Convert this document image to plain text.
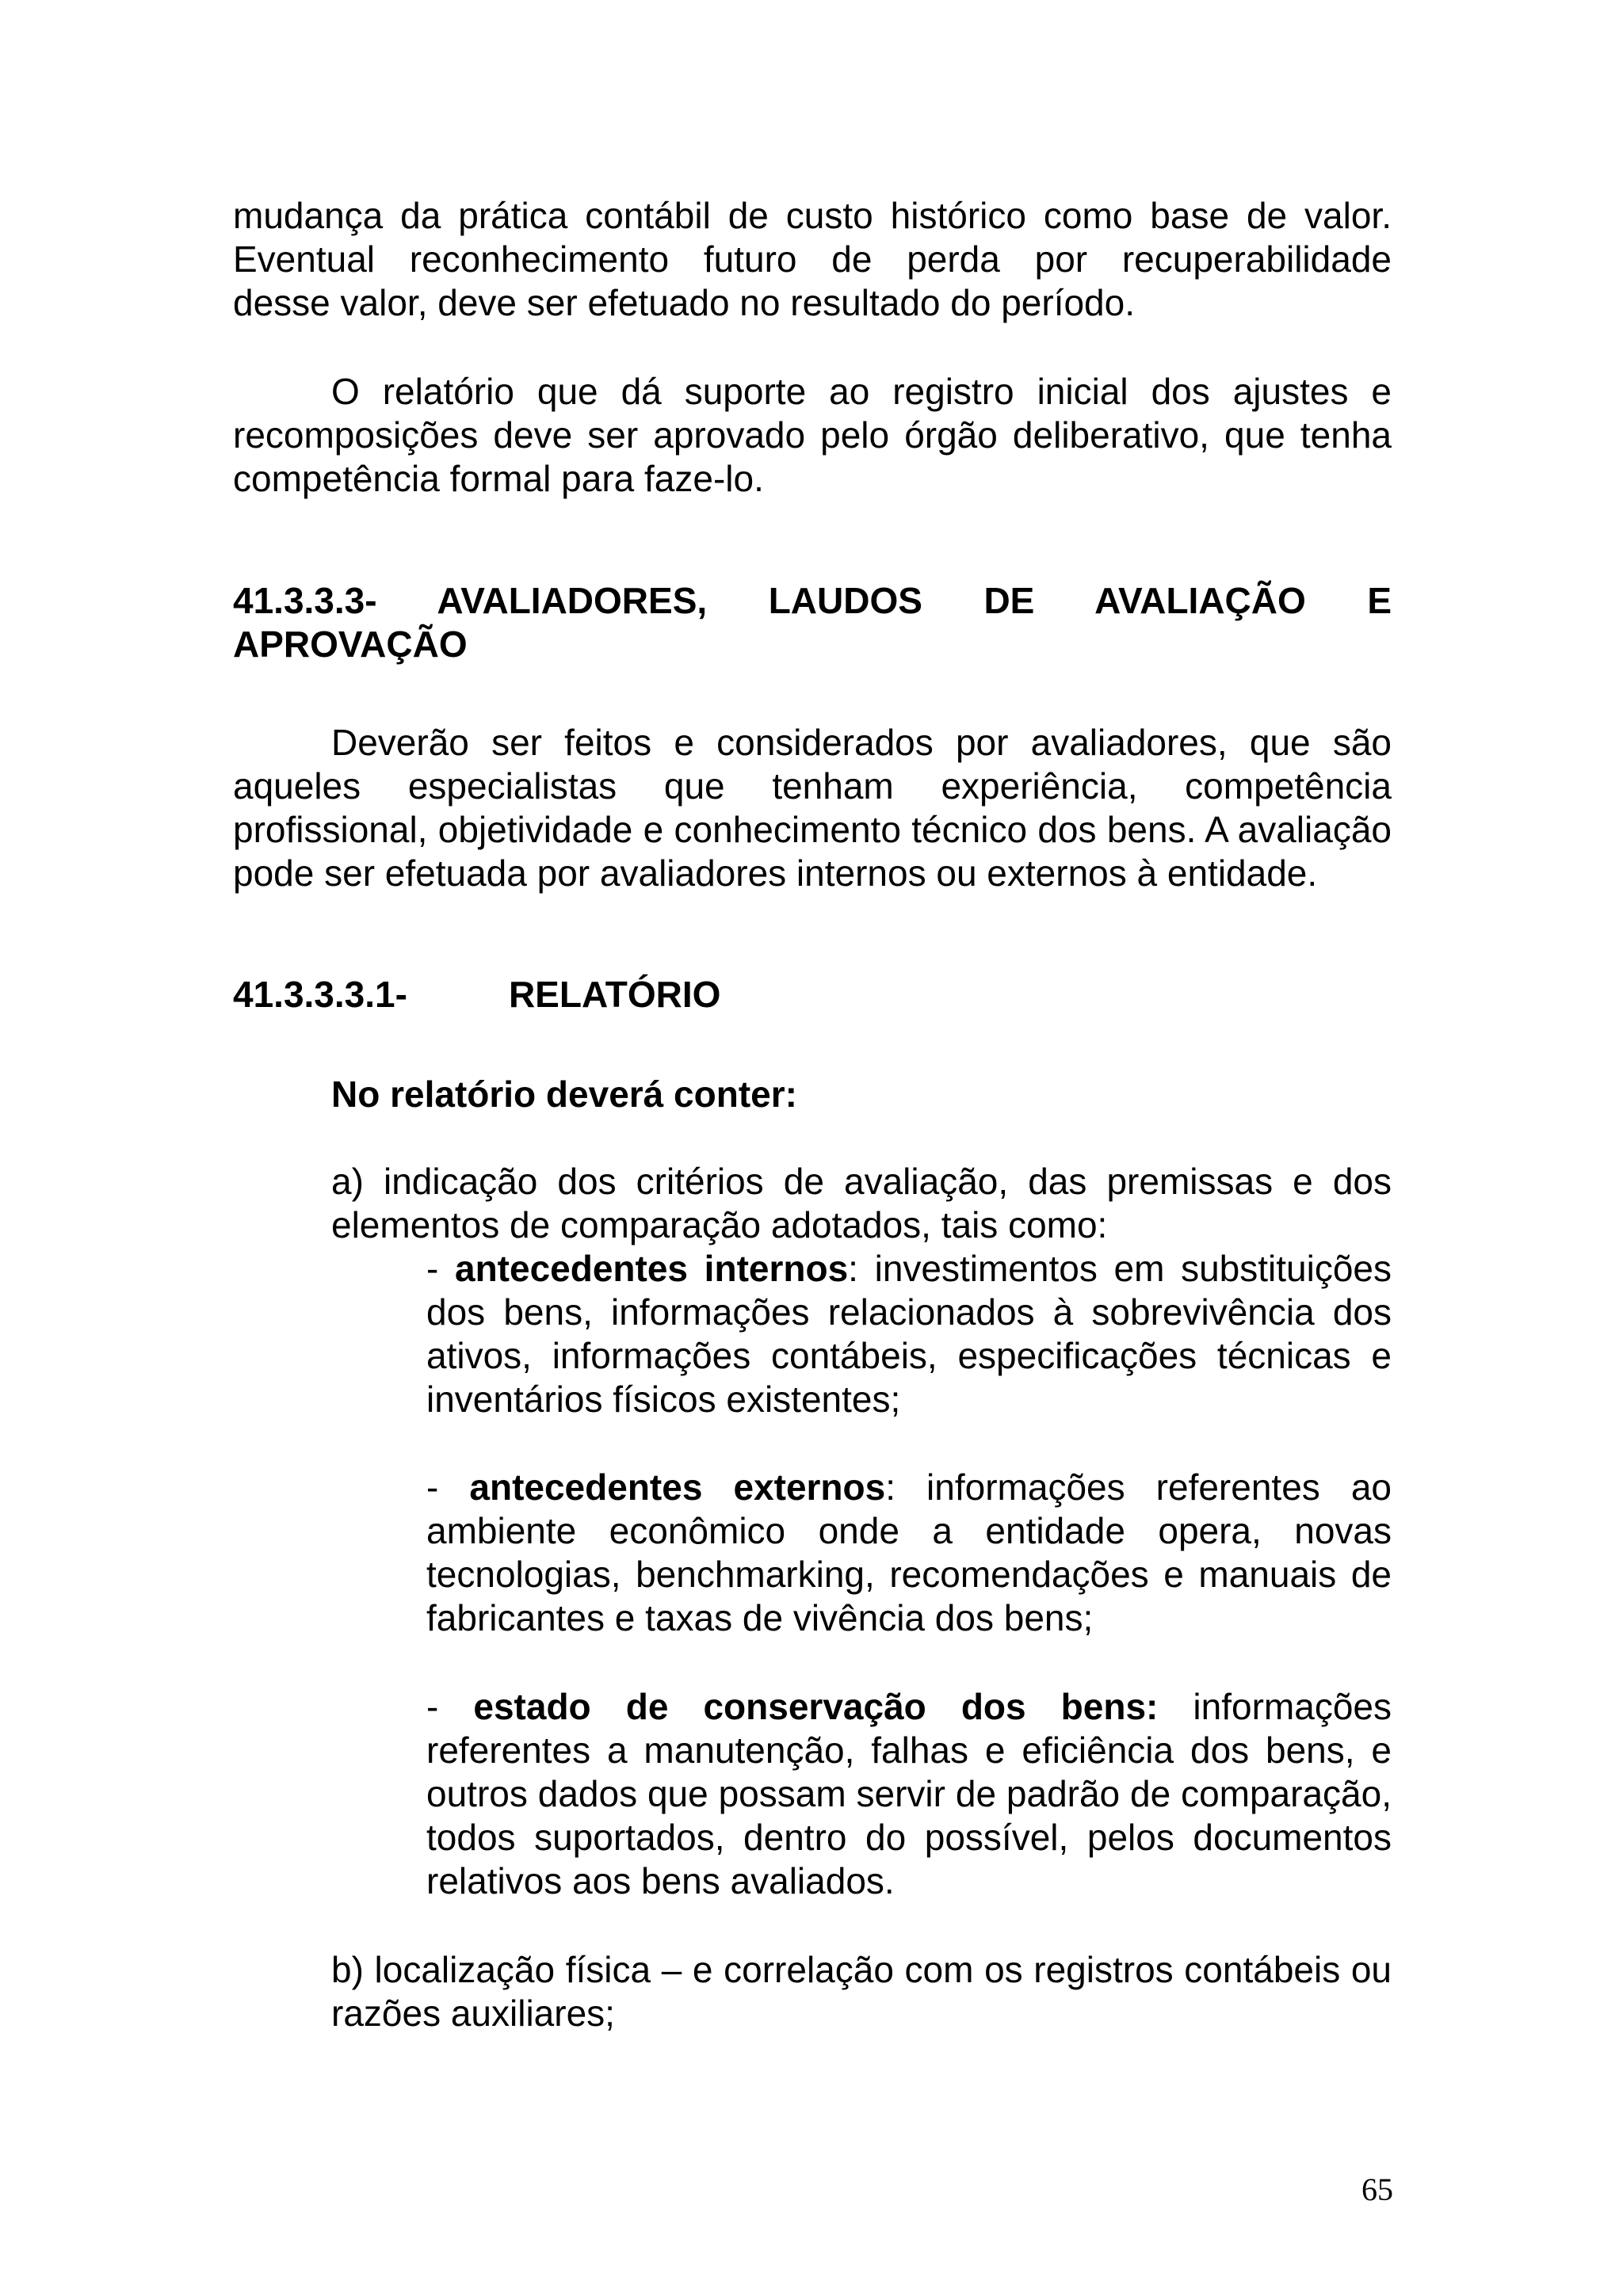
mudança da prática contábil de custo histórico como base de valor.
Eventual reconhecimento futuro de perda por recuperabilidade
desse valor, deve ser efetuado no resultado do período.

O relatório que dá suporte ao registro inicial dos ajustes e recomposições deve ser aprovado pelo órgão deliberativo, que tenha competência formal para faze-lo.

41.3.3.3- AVALIADORES, LAUDOS DE AVALIAÇÃO E
APROVAÇÃO

Deverão ser feitos e considerados por avaliadores, que são aqueles especialistas que tenham experiência, competência profissional, objetividade e conhecimento técnico dos bens. A avaliação pode ser efetuada por avaliadores internos ou externos à entidade.

41.3.3.3.1-	RELATÓRIO
No relatório deverá conter:

a) indicação dos critérios de avaliação, das premissas e dos elementos de comparação adotados, tais como:

- antecedentes internos: investimentos em substituições dos bens, informações relacionados à sobrevivência dos ativos, informações contábeis, especificações técnicas e inventários físicos existentes;

- antecedentes externos: informações referentes ao ambiente econômico onde a entidade opera, novas tecnologias, benchmarking, recomendações e manuais de fabricantes e taxas de vivência dos bens;

- estado de conservação dos bens: informações referentes a manutenção, falhas e eficiência dos bens, e outros dados que possam servir de padrão de comparação, todos suportados, dentro do possível, pelos documentos relativos aos bens avaliados.

b) localização física – e correlação com os registros contábeis ou razões auxiliares;

65
